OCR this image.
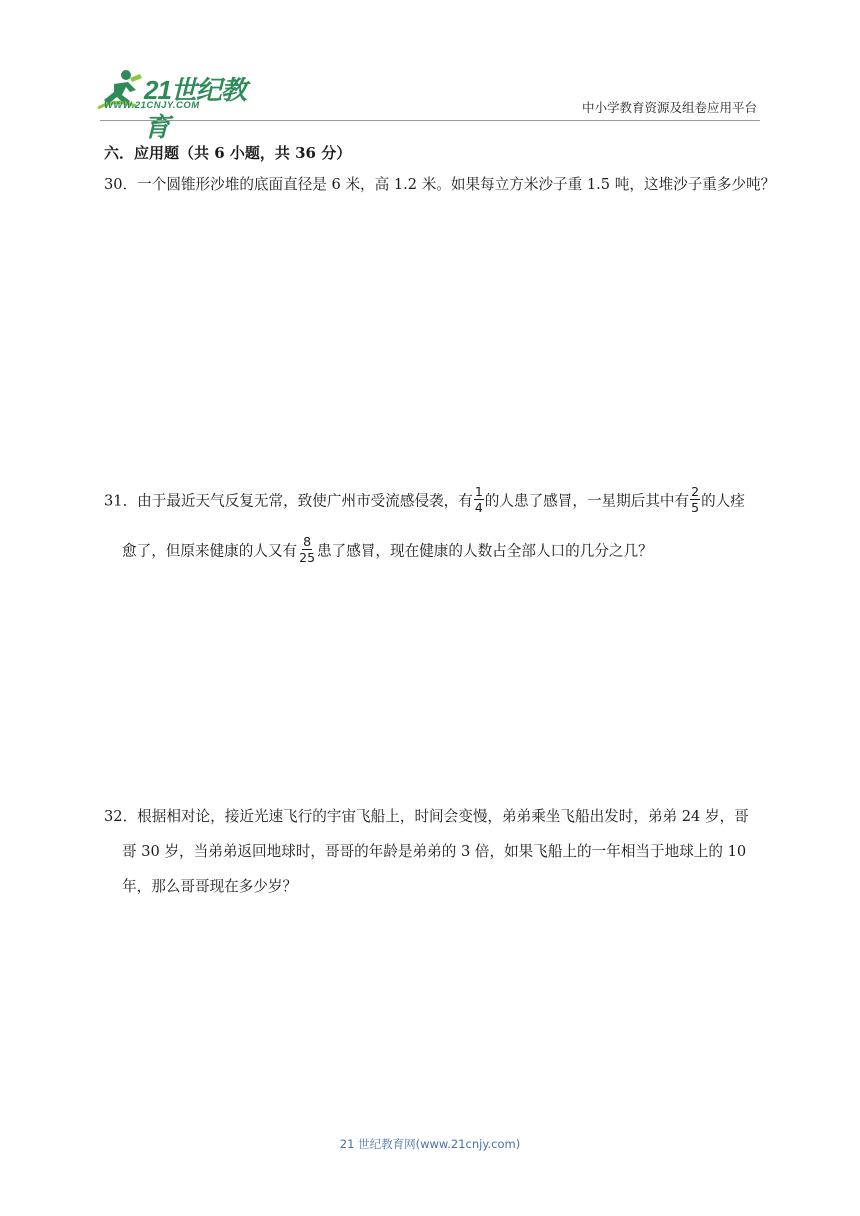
21世纪教育
WWW.21CNJY.COM	中小学教育资源及组卷应用平台
六．应用题（共 6 小题，共 36 分）
30．一个圆锥形沙堆的底面直径是 6 米，高 1.2 米。如果每立方米沙子重 1.5 吨，这堆沙子重多少吨？
31．由于最近天气反复无常，致使广州市受流感侵袭，有 $\frac{1}{4}$ 的人患了感冒，一星期后其中有 $\frac{2}{5}$ 的人痊
愈了，但原来健康的人又有 $\frac{8}{25}$ 患了感冒，现在健康的人数占全部人口的几分之几？
32．根据相对论，接近光速飞行的宇宙飞船上，时间会变慢，弟弟乘坐飞船出发时，弟弟 24 岁，哥
哥 30 岁，当弟弟返回地球时，哥哥的年龄是弟弟的 3 倍，如果飞船上的一年相当于地球上的 10
年，那么哥哥现在多少岁？
21 世纪教育网(www.21cnjy.com)
